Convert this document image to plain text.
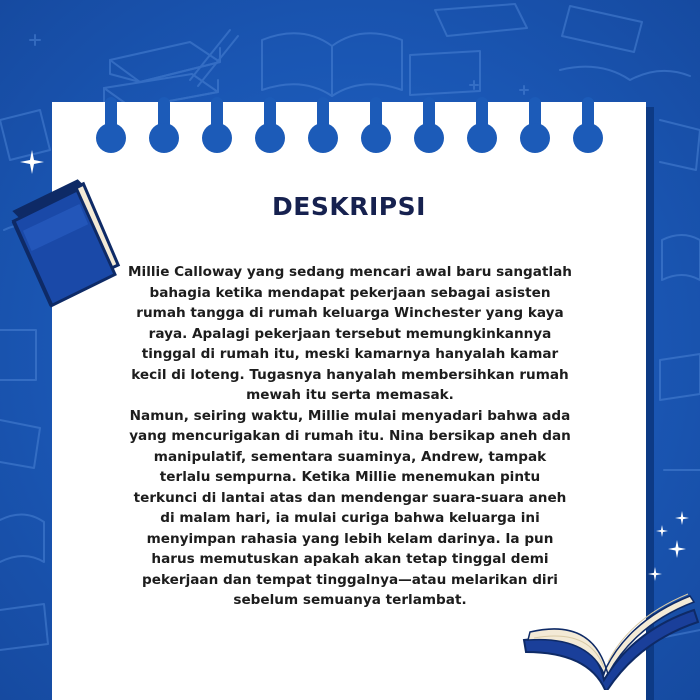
DESKRIPSI

Millie Calloway yang sedang mencari awal baru sangatlah bahagia ketika mendapat pekerjaan sebagai asisten rumah tangga di rumah keluarga Winchester yang kaya raya. Apalagi pekerjaan tersebut memungkinkannya tinggal di rumah itu, meski kamarnya hanyalah kamar kecil di loteng. Tugasnya hanyalah membersihkan rumah mewah itu serta memasak.

Namun, seiring waktu, Millie mulai menyadari bahwa ada yang mencurigakan di rumah itu. Nina bersikap aneh dan manipulatif, sementara suaminya, Andrew, tampak terlalu sempurna. Ketika Millie menemukan pintu terkunci di lantai atas dan mendengar suara-suara aneh di malam hari, ia mulai curiga bahwa keluarga ini menyimpan rahasia yang lebih kelam darinya. Ia pun harus memutuskan apakah akan tetap tinggal demi pekerjaan dan tempat tinggalnya—atau melarikan diri sebelum semuanya terlambat.
